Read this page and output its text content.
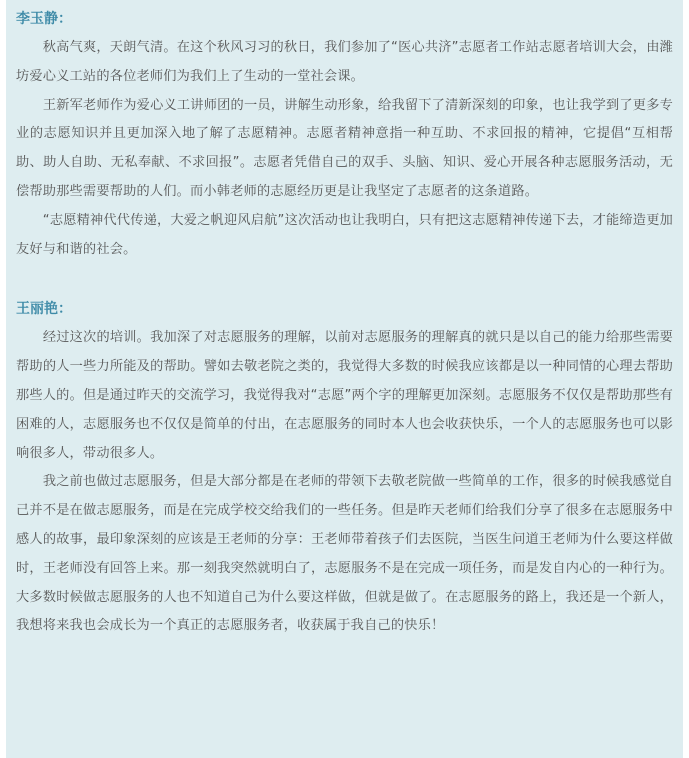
李玉静：

　　秋高气爽，天朗气清。在这个秋风习习的秋日，我们参加了“医心共济”志愿者工作站志愿者培训大会，由潍坊爱心义工站的各位老师们为我们上了生动的一堂社会课。

　　王新军老师作为爱心义工讲师团的一员，讲解生动形象，给我留下了清新深刻的印象，也让我学到了更多专业的志愿知识并且更加深入地了解了志愿精神。志愿者精神意指一种互助、不求回报的精神，它提倡“互相帮助、助人自助、无私奉献、不求回报”。志愿者凭借自己的双手、头脑、知识、爱心开展各种志愿服务活动，无偿帮助那些需要帮助的人们。而小韩老师的志愿经历更是让我坚定了志愿者的这条道路。

　　“志愿精神代代传递，大爱之帆迎风启航”这次活动也让我明白，只有把这志愿精神传递下去，才能缔造更加友好与和谐的社会。

王丽艳：

　　经过这次的培训。我加深了对志愿服务的理解，以前对志愿服务的理解真的就只是以自己的能力给那些需要帮助的人一些力所能及的帮助。譬如去敬老院之类的，我觉得大多数的时候我应该都是以一种同情的心理去帮助那些人的。但是通过昨天的交流学习，我觉得我对“志愿”两个字的理解更加深刻。志愿服务不仅仅是帮助那些有困难的人，志愿服务也不仅仅是简单的付出，在志愿服务的同时本人也会收获快乐，一个人的志愿服务也可以影响很多人，带动很多人。

　　我之前也做过志愿服务，但是大部分都是在老师的带领下去敬老院做一些简单的工作，很多的时候我感觉自己并不是在做志愿服务，而是在完成学校交给我们的一些任务。但是昨天老师们给我们分享了很多在志愿服务中感人的故事，最印象深刻的应该是王老师的分享：王老师带着孩子们去医院，当医生问道王老师为什么要这样做时，王老师没有回答上来。那一刻我突然就明白了，志愿服务不是在完成一项任务，而是发自内心的一种行为。大多数时候做志愿服务的人也不知道自己为什么要这样做，但就是做了。在志愿服务的路上，我还是一个新人，我想将来我也会成长为一个真正的志愿服务者，收获属于我自己的快乐！
